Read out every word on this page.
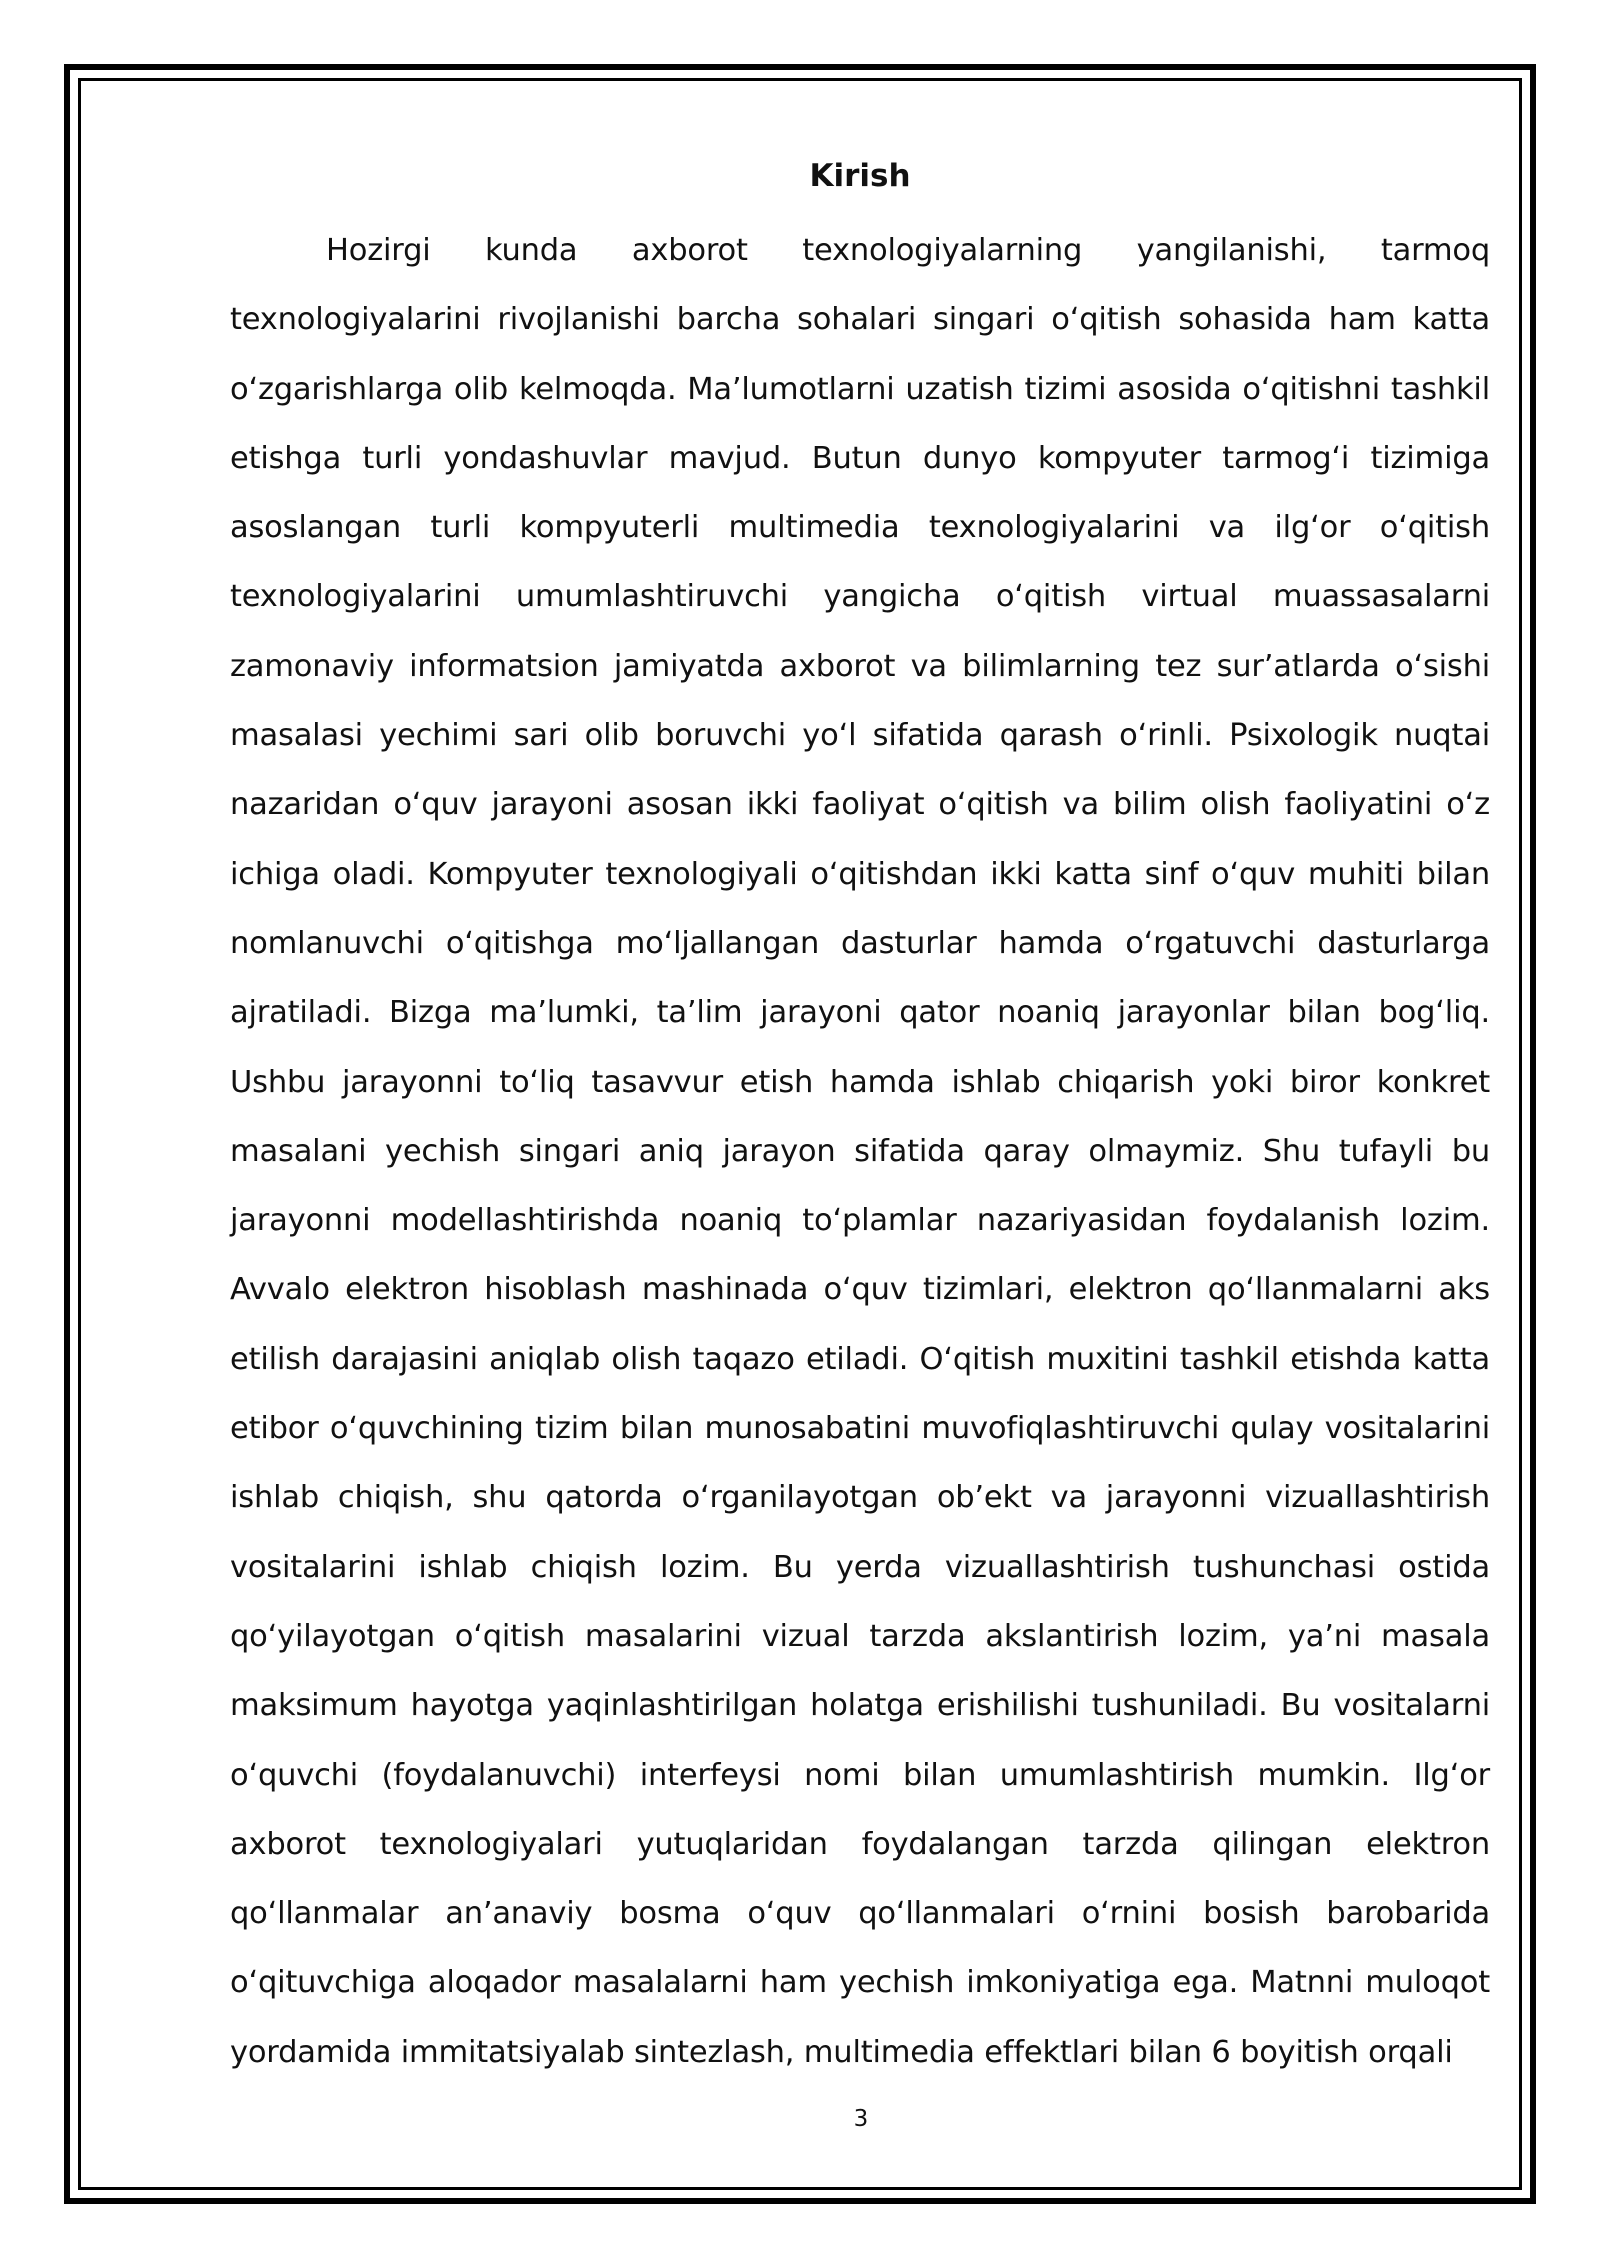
Kirish

Hozirgi kunda axborot texnologiyalarning yangilanishi, tarmoq texnologiyalarini rivojlanishi barcha sohalari singari oʻqitish sohasida ham katta oʻzgarishlarga olib kelmoqda. Ma’lumotlarni uzatish tizimi asosida oʻqitishni tashkil etishga turli yondashuvlar mavjud. Butun dunyo kompyuter tarmogʻi tizimiga asoslangan turli kompyuterli multimedia texnologiyalarini va ilgʻor oʻqitish texnologiyalarini umumlashtiruvchi yangicha oʻqitish virtual muassasalarni zamonaviy informatsion jamiyatda axborot va bilimlarning tez sur’atlarda oʻsishi masalasi yechimi sari olib boruvchi yoʻl sifatida qarash oʻrinli. Psixologik nuqtai nazaridan oʻquv jarayoni asosan ikki faoliyat oʻqitish va bilim olish faoliyatini oʻz ichiga oladi. Kompyuter texnologiyali oʻqitishdan ikki katta sinf oʻquv muhiti bilan nomlanuvchi oʻqitishga moʻljallangan dasturlar hamda oʻrgatuvchi dasturlarga ajratiladi. Bizga ma’lumki, ta’lim jarayoni qator noaniq jarayonlar bilan bogʻliq. Ushbu jarayonni toʻliq tasavvur etish hamda ishlab chiqarish yoki biror konkret masalani yechish singari aniq jarayon sifatida qaray olmaymiz. Shu tufayli bu jarayonni modellashtirishda noaniq toʻplamlar nazariyasidan foydalanish lozim. Avvalo elektron hisoblash mashinada oʻquv tizimlari, elektron qoʻllanmalarni aks etilish darajasini aniqlab olish taqazo etiladi. Oʻqitish muxitini tashkil etishda katta etibor oʻquvchining tizim bilan munosabatini muvofiqlashtiruvchi qulay vositalarini ishlab chiqish, shu qatorda oʻrganilayotgan ob’ekt va jarayonni vizuallashtirish vositalarini ishlab chiqish lozim. Bu yerda vizuallashtirish tushunchasi ostida qoʻyilayotgan oʻqitish masalarini vizual tarzda akslantirish lozim, ya’ni masala maksimum hayotga yaqinlashtirilgan holatga erishilishi tushuniladi. Bu vositalarni oʻquvchi (foydalanuvchi) interfeysi nomi bilan umumlashtirish mumkin. Ilgʻor axborot texnologiyalari yutuqlaridan foydalangan tarzda qilingan elektron qoʻllanmalar an’anaviy bosma oʻquv qoʻllanmalari oʻrnini bosish barobarida oʻqituvchiga aloqador masalalarni ham yechish imkoniyatiga ega. Matnni muloqot yordamida immitatsiyalab sintezlash, multimedia effektlari bilan 6 boyitish orqali

3
